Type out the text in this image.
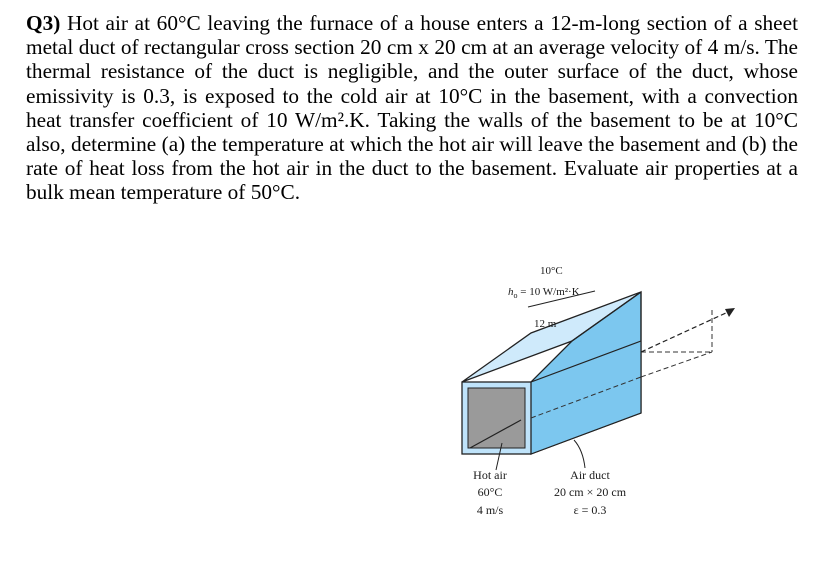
Q3) Hot air at 60°C leaving the furnace of a house enters a 12-m-long section of a sheet metal duct of rectangular cross section 20 cm x 20 cm at an average velocity of 4 m/s. The thermal resistance of the duct is negligible, and the outer surface of the duct, whose emissivity is 0.3, is exposed to the cold air at 10°C in the basement, with a convection heat transfer coefficient of 10 W/m².K. Taking the walls of the basement to be at 10°C also, determine (a) the temperature at which the hot air will leave the basement and (b) the rate of heat loss from the hot air in the duct to the basement. Evaluate air properties at a bulk mean temperature of 50°C.

10°C
$h_o = 10$ W/m²·K
12 m
Hot air
60°C
4 m/s
Air duct
20 cm × 20 cm
ε = 0.3
